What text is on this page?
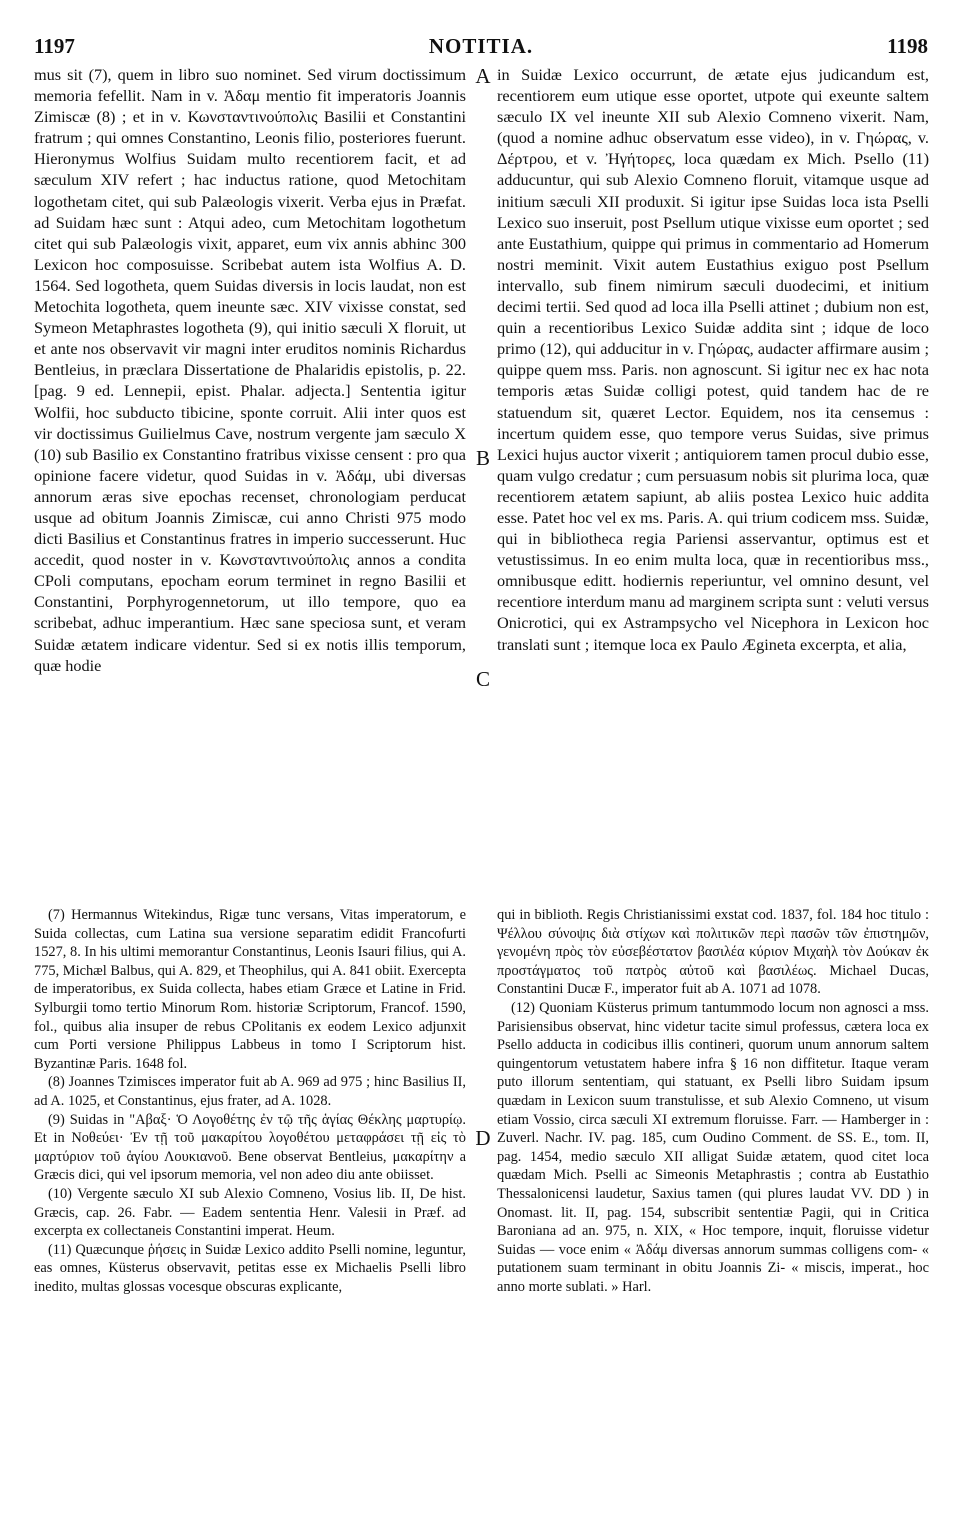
1197	NOTITIA.	1198

mus sit (7), quem in libro suo nominet. Sed virum doctissimum memoria fefellit. Nam in v. Ἀδαμ mentio fit imperatoris Joannis Zimiscæ (8) ; et in v. Κωνσταντινούπολις Basilii et Constantini fratrum ; qui omnes Constantino, Leonis filio, posteriores fuerunt. Hieronymus Wolfius Suidam multo recentiorem facit, et ad sæculum XIV refert ; hac inductus ratione, quod Metochitam logothetam citet, qui sub Palæologis vixerit. Verba ejus in Præfat. ad Suidam hæc sunt : Atqui adeo, cum Metochitam logothetum citet qui sub Palæologis vixit, apparet, eum vix annis abhinc 300 Lexicon hoc composuisse. Scribebat autem ista Wolfius A. D. 1564. Sed logotheta, quem Suidas diversis in locis laudat, non est Metochita logotheta, quem ineunte sæc. XIV vixisse constat, sed Symeon Metaphrastes logotheta (9), qui initio sæculi X floruit, ut et ante nos observavit vir magni inter eruditos nominis Richardus Bentleius, in præclara Dissertatione de Phalaridis epistolis, p. 22. [pag. 9 ed. Lennepii, epist. Phalar. adjecta.] Sententia igitur Wolfii, hoc subducto tibicine, sponte corruit. Alii inter quos est vir doctissimus Guilielmus Cave, nostrum vergente jam sæculo X (10) sub Basilio ex Constantino fratribus vixisse censent : pro qua opinione facere videtur, quod Suidas in v. Ἀδάμ, ubi diversas annorum æras sive epochas recenset, chronologiam perducat usque ad obitum Joannis Zimiscæ, cui anno Christi 975 modo dicti Basilius et Constantinus fratres in imperio successerunt. Huc accedit, quod noster in v. Κωνσταντινούπολις annos a condita CPoli computans, epocham eorum terminet in regno Basilii et Constantini, Porphyrogennetorum, ut illo tempore, quo ea scribebat, adhuc imperantium. Hæc sane speciosa sunt, et veram Suidæ ætatem indicare videntur. Sed si ex notis illis temporum, quæ hodie

in Suidæ Lexico occurrunt, de ætate ejus judicandum est, recentiorem eum utique esse oportet, utpote qui exeunte saltem sæculo IX vel ineunte XII sub Alexio Comneno vixerit. Nam, (quod a nomine adhuc observatum esse video), in v. Γηώρας, v. Δέρτρου, et v. Ἠγήτορες, loca quædam ex Mich. Psello (11) adducuntur, qui sub Alexio Comneno floruit, vitamque usque ad initium sæculi XII produxit. Si igitur ipse Suidas loca ista Pselli Lexico suo inseruit, post Psellum utique vixisse eum oportet ; sed ante Eustathium, quippe qui primus in commentario ad Homerum nostri meminit. Vixit autem Eustathius exiguo post Psellum intervallo, sub finem nimirum sæculi duodecimi, et initium decimi tertii. Sed quod ad loca illa Pselli attinet ; dubium non est, quin a recentioribus Lexico Suidæ addita sint ; idque de loco primo (12), qui adducitur in v. Γηώρας, audacter affirmare ausim ; quippe quem mss. Paris. non agnoscunt. Si igitur nec ex hac nota temporis ætas Suidæ colligi potest, quid tandem hac de re statuendum sit, quæret Lector. Equidem, nos ita censemus : incertum quidem esse, quo tempore verus Suidas, sive primus Lexici hujus auctor vixerit ; antiquiorem tamen procul dubio esse, quam vulgo credatur ; cum persuasum nobis sit plurima loca, quæ recentiorem ætatem sapiunt, ab aliis postea Lexico huic addita esse. Patet hoc vel ex ms. Paris. A. qui trium codicem mss. Suidæ, qui in bibliotheca regia Pariensi asservantur, optimus est et vetustissimus. In eo enim multa loca, quæ in recentioribus mss., omnibusque editt. hodiernis reperiuntur, vel omnino desunt, vel recentiore interdum manu ad marginem scripta sunt : veluti versus Onicrotici, qui ex Astrampsycho vel Nicephora in Lexicon hoc translati sunt ; itemque loca ex Paulo Ægineta excerpta, et alia,

A
B
C
D

(7) Hermannus Witekindus, Rigæ tunc versans, Vitas imperatorum, e Suida collectas, cum Latina sua versione separatim edidit Francofurti 1527, 8. In his ultimi memorantur Constantinus, Leonis Isauri filius, qui A. 775, Michæl Balbus, qui A. 829, et Theophilus, qui A. 841 obiit. Exercepta de imperatoribus, ex Suida collecta, habes etiam Græce et Latine in Frid. Sylburgii tomo tertio Minorum Rom. historiæ Scriptorum, Francof. 1590, fol., quibus alia insuper de rebus CPolitanis ex eodem Lexico adjunxit cum Porti versione Philippus Labbeus in tomo I Scriptorum hist. Byzantinæ Paris. 1648 fol.

(8) Joannes Tzimisces imperator fuit ab A. 969 ad 975 ; hinc Basilius II, ad A. 1025, et Constantinus, ejus frater, ad A. 1028.

(9) Suidas in "Αβαξ· Ὁ Λογοθέτης ἐν τῷ τῆς ἁγίας Θέκλης μαρτυρίῳ. Et in Νοθεύει· Ἐν τῇ τοῦ μακαρίτου λογοθέτου μεταφράσει τῇ εἰς τὸ μαρτύριον τοῦ ἁγίου Λουκιανοῦ. Bene observat Bentleius, μακαρίτην a Græcis dici, qui vel ipsorum memoria, vel non adeo diu ante obiisset.

(10) Vergente sæculo XI sub Alexio Comneno, Vosius lib. II, De hist. Græcis, cap. 26. Fabr. — Eadem sententia Henr. Valesii in Præf. ad excerpta ex collectaneis Constantini imperat. Heum.

(11) Quæcunque ῥήσεις in Suidæ Lexico addito Pselli nomine, leguntur, eas omnes, Küsterus observavit, petitas esse ex Michaelis Pselli libro inedito, multas glossas vocesque obscuras explicante,

qui in biblioth. Regis Christianissimi exstat cod. 1837, fol. 184 hoc titulo : Ψέλλου σύνοψις διὰ στίχων καὶ πολιτικῶν περὶ πασῶν τῶν ἐπιστημῶν, γενομένη πρὸς τὸν εὐσεβέστατον βασιλέα κύριον Μιχαὴλ τὸν Δούκαν ἐκ προστάγματος τοῦ πατρὸς αὐτοῦ καὶ βασιλέως. Michael Ducas, Constantini Ducæ F., imperator fuit ab A. 1071 ad 1078.

(12) Quoniam Küsterus primum tantummodo locum non agnosci a mss. Parisiensibus observat, hinc videtur tacite simul professus, cætera loca ex Psello adducta in codicibus illis contineri, quorum unum annorum saltem quingentorum vetustatem habere infra § 16 non diffitetur. Itaque veram puto illorum sententiam, qui statuant, ex Pselli libro Suidam ipsum quædam in Lexicon suum transtulisse, et sub Alexio Comneno, ut visum etiam Vossio, circa sæculi XI extremum floruisse. Farr. — Hamberger in : Zuverl. Nachr. IV. pag. 185, cum Oudino Comment. de SS. E., tom. II, pag. 1454, medio sæculo XII alligat Suidæ ætatem, quod citet loca quædam Mich. Pselli ac Simeonis Metaphrastis ; contra ab Eustathio Thessalonicensi laudetur, Saxius tamen (qui plures laudat VV. DD ) in Onomast. lit. II, pag. 154, subscribit sententiæ Pagii, qui in Critica Baroniana ad an. 975, n. XIX, « Hoc tempore, inquit, floruisse videtur Suidas — voce enim « Ἀδάμ diversas annorum summas colligens com- « putationem suam terminant in obitu Joannis Zi- « miscis, imperat., hoc anno morte sublati. » Harl.
